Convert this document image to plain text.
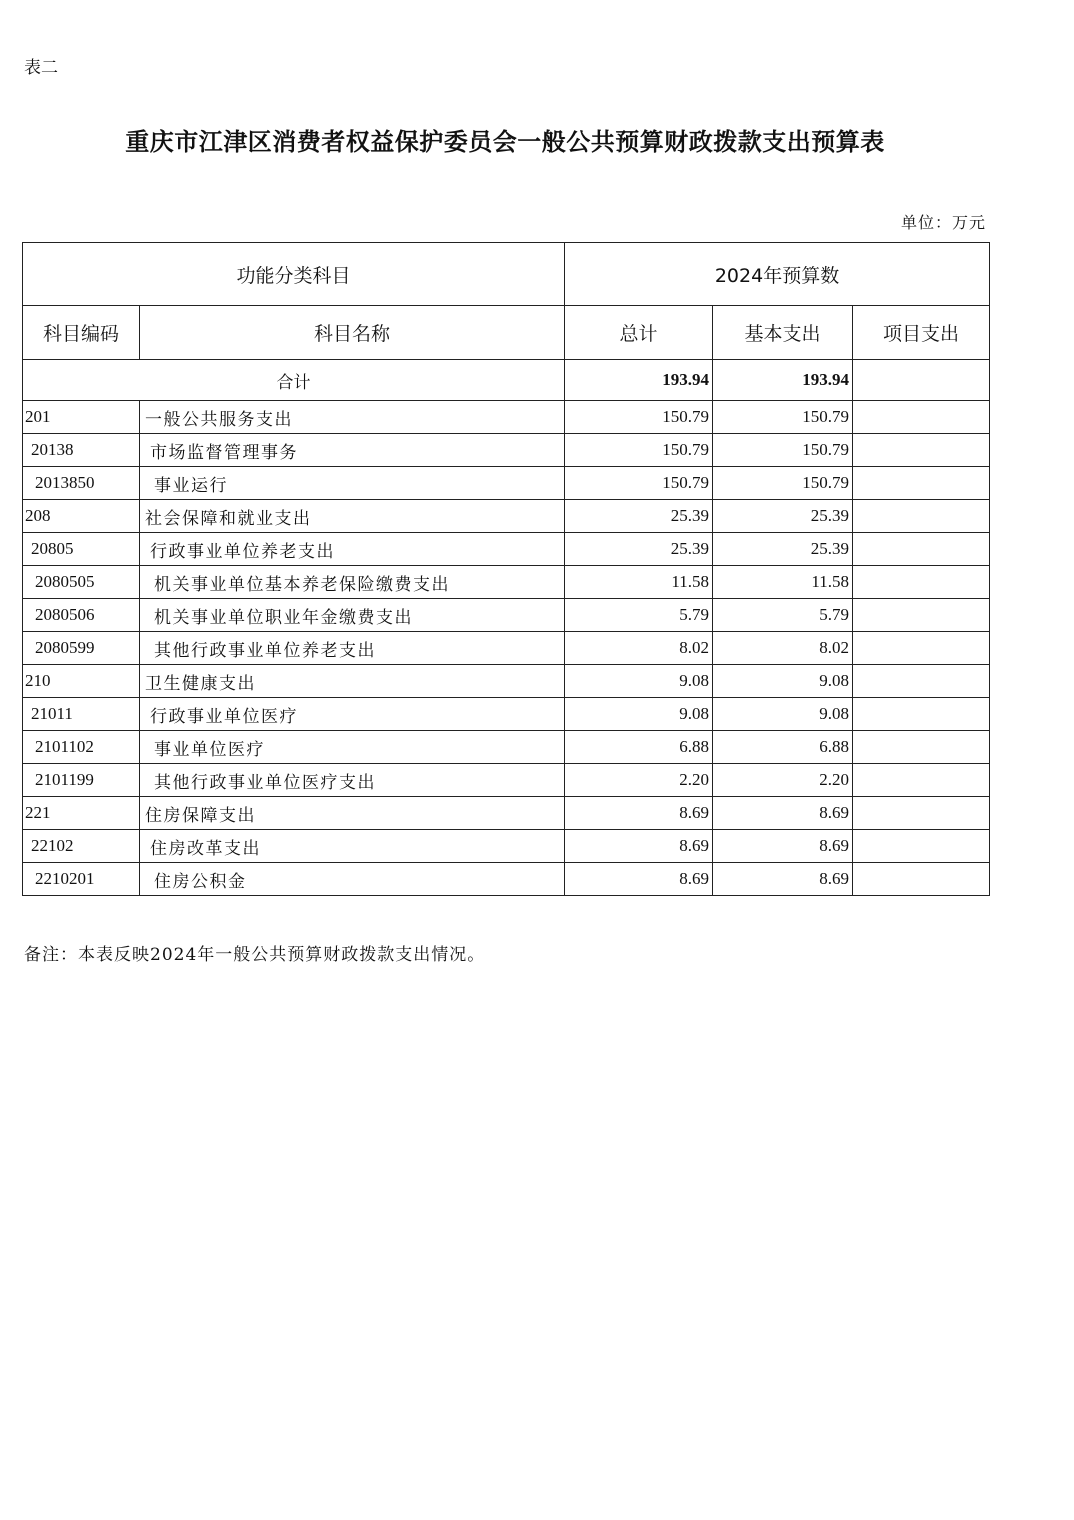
表二
重庆市江津区消费者权益保护委员会一般公共预算财政拨款支出预算表
单位：万元
功能分类科目		2024年预算数		
科目编码	科目名称	总计	基本支出	项目支出
合计		193.94	193.94	
201	一般公共服务支出	150.79	150.79	
20138	市场监督管理事务	150.79	150.79	
2013850	事业运行	150.79	150.79	
208	社会保障和就业支出	25.39	25.39	
20805	行政事业单位养老支出	25.39	25.39	
2080505	机关事业单位基本养老保险缴费支出	11.58	11.58	
2080506	机关事业单位职业年金缴费支出	5.79	5.79	
2080599	其他行政事业单位养老支出	8.02	8.02	
210	卫生健康支出	9.08	9.08	
21011	行政事业单位医疗	9.08	9.08	
2101102	事业单位医疗	6.88	6.88	
2101199	其他行政事业单位医疗支出	2.20	2.20	
221	住房保障支出	8.69	8.69	
22102	住房改革支出	8.69	8.69	
2210201	住房公积金	8.69	8.69	
备注：本表反映2024年一般公共预算财政拨款支出情况。
